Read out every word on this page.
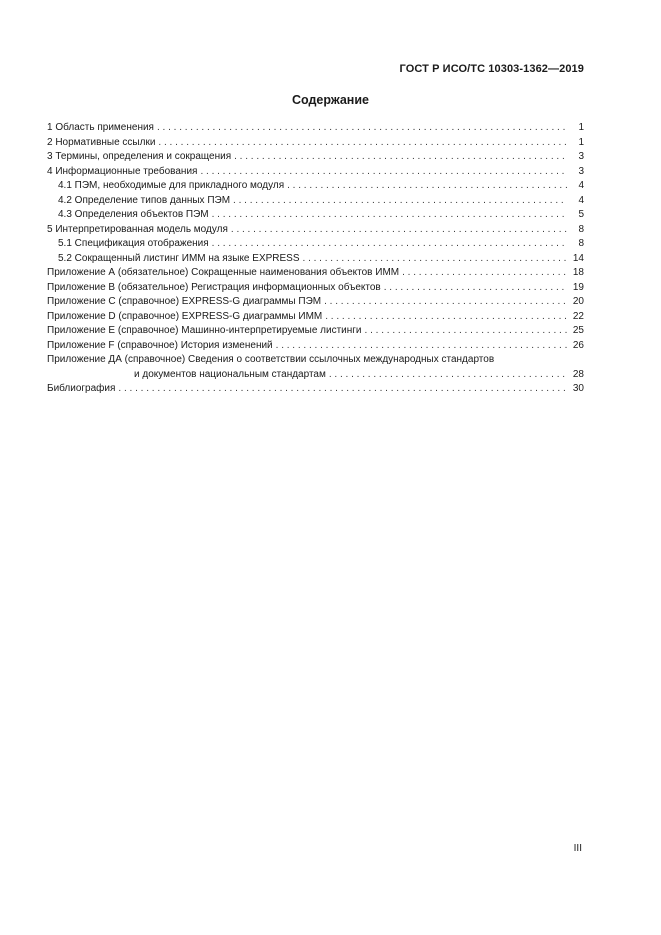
ГОСТ Р ИСО/ТС 10303-1362—2019
Содержание
1 Область применения . . .	1
2 Нормативные ссылки . . .	1
3 Термины, определения и сокращения . . .	3
4 Информационные требования . . .	3
4.1 ПЭМ, необходимые для прикладного модуля . . .	4
4.2 Определение типов данных ПЭМ . . .	4
4.3 Определения объектов ПЭМ . . .	5
5 Интерпретированная модель модуля . . .	8
5.1 Спецификация отображения . . .	8
5.2 Сокращенный листинг ИММ на языке EXPRESS . . .	14
Приложение А (обязательное) Сокращенные наименования объектов ИММ . . .	18
Приложение В (обязательное) Регистрация информационных объектов . . .	19
Приложение С (справочное) EXPRESS-G диаграммы ПЭМ . . .	20
Приложение D (справочное) EXPRESS-G диаграммы ИММ . . .	22
Приложение Е (справочное) Машинно-интерпретируемые листинги . . .	25
Приложение F (справочное) История изменений . . .	26
Приложение ДА (справочное) Сведения о соответствии ссылочных международных стандартов
и документов национальным стандартам . . .	28
Библиография . . .	30
III
